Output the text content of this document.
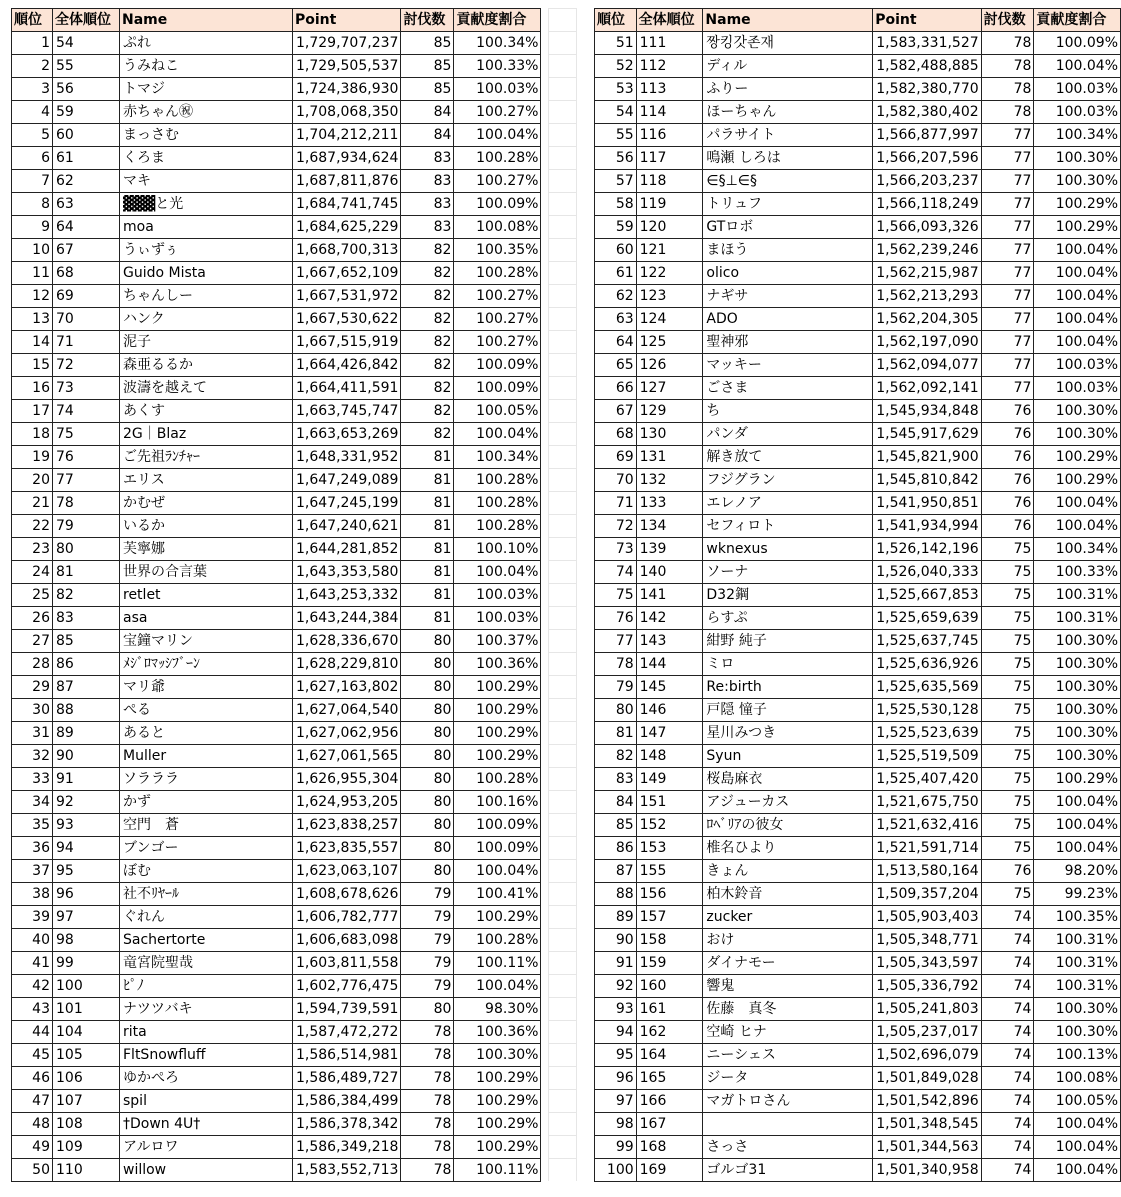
順位	全体順位	Name	Point	討伐数	貢献度割合
1	54	ぷれ	1,729,707,237	85	100.34%
2	55	うみねこ	1,729,505,537	85	100.33%
3	56	トマジ	1,724,386,930	85	100.03%
4	59	赤ちゃん㊗	1,708,068,350	84	100.27%
5	60	まっさむ	1,704,212,211	84	100.04%
6	61	くろま	1,687,934,624	83	100.28%
7	62	マキ	1,687,811,876	83	100.27%
8	63	▓▓▓と光	1,684,741,745	83	100.09%
9	64	moa	1,684,625,229	83	100.08%
10	67	うぃずぅ	1,668,700,313	82	100.35%
11	68	Guido Mista	1,667,652,109	82	100.28%
12	69	ちゃんしー	1,667,531,972	82	100.27%
13	70	ハンク	1,667,530,622	82	100.27%
14	71	泥子	1,667,515,919	82	100.27%
15	72	森亜るるか	1,664,426,842	82	100.09%
16	73	波濤を越えて	1,664,411,591	82	100.09%
17	74	あくす	1,663,745,747	82	100.05%
18	75	2G｜Blaz	1,663,653,269	82	100.04%
19	76	ご先祖ﾗﾝﾁｬｰ	1,648,331,952	81	100.34%
20	77	エリス	1,647,249,089	81	100.28%
21	78	かむぜ	1,647,245,199	81	100.28%
22	79	いるか	1,647,240,621	81	100.28%
23	80	芙寧娜	1,644,281,852	81	100.10%
24	81	世界の合言葉	1,643,353,580	81	100.04%
25	82	retlet	1,643,253,332	81	100.03%
26	83	asa	1,643,244,384	81	100.03%
27	85	宝鐘マリン	1,628,336,670	80	100.37%
28	86	ﾒｼﾞﾛﾏｯｼﾌﾞｰﾝ	1,628,229,810	80	100.36%
29	87	マリ爺	1,627,163,802	80	100.29%
30	88	ぺる	1,627,064,540	80	100.29%
31	89	あると	1,627,062,956	80	100.29%
32	90	Muller	1,627,061,565	80	100.29%
33	91	ソラララ	1,626,955,304	80	100.28%
34	92	かず	1,624,953,205	80	100.16%
35	93	空門　蒼	1,623,838,257	80	100.09%
36	94	ブンゴー	1,623,835,557	80	100.09%
37	95	ぼむ	1,623,063,107	80	100.04%
38	96	社不ﾘﾔｰﾙ	1,608,678,626	79	100.41%
39	97	ぐれん	1,606,782,777	79	100.29%
40	98	Sachertorte	1,606,683,098	79	100.28%
41	99	竜宮院聖哉	1,603,811,558	79	100.11%
42	100	ﾋﾟﾉ	1,602,776,475	79	100.04%
43	101	ナツツバキ	1,594,739,591	80	98.30%
44	104	rita	1,587,472,272	78	100.36%
45	105	FltSnowfluff	1,586,514,981	78	100.30%
46	106	ゆかぺろ	1,586,489,727	78	100.29%
47	107	spil	1,586,384,499	78	100.29%
48	108	†Down 4U†	1,586,378,342	78	100.29%
49	109	アルロワ	1,586,349,218	78	100.29%
50	110	willow	1,583,552,713	78	100.11%
順位	全体順位	Name	Point	討伐数	貢献度割合
51	111	짱킹갓존재	1,583,331,527	78	100.09%
52	112	ディル	1,582,488,885	78	100.04%
53	113	ふりー	1,582,380,770	78	100.03%
54	114	ほーちゃん	1,582,380,402	78	100.03%
55	116	パラサイト	1,566,877,997	77	100.34%
56	117	鳴瀬 しろは	1,566,207,596	77	100.30%
57	118	∈§⊥∈§	1,566,203,237	77	100.30%
58	119	トリュフ	1,566,118,249	77	100.29%
59	120	GTロボ	1,566,093,326	77	100.29%
60	121	まほう	1,562,239,246	77	100.04%
61	122	olico	1,562,215,987	77	100.04%
62	123	ナギサ	1,562,213,293	77	100.04%
63	124	ADO	1,562,204,305	77	100.04%
64	125	聖神邪	1,562,197,090	77	100.04%
65	126	マッキー	1,562,094,077	77	100.03%
66	127	ごさま	1,562,092,141	77	100.03%
67	129	ち	1,545,934,848	76	100.30%
68	130	パンダ	1,545,917,629	76	100.30%
69	131	解き放て	1,545,821,900	76	100.29%
70	132	フジグラン	1,545,810,842	76	100.29%
71	133	エレノア	1,541,950,851	76	100.04%
72	134	セフィロト	1,541,934,994	76	100.04%
73	139	wknexus	1,526,142,196	75	100.34%
74	140	ソーナ	1,526,040,333	75	100.33%
75	141	D32鋼	1,525,667,853	75	100.31%
76	142	らすぷ	1,525,659,639	75	100.31%
77	143	紺野 純子	1,525,637,745	75	100.30%
78	144	ミロ	1,525,636,926	75	100.30%
79	145	Re:birth	1,525,635,569	75	100.30%
80	146	戸隠 憧子	1,525,530,128	75	100.30%
81	147	星川みつき	1,525,523,639	75	100.30%
82	148	Syun	1,525,519,509	75	100.30%
83	149	桜島麻衣	1,525,407,420	75	100.29%
84	151	アジューカス	1,521,675,750	75	100.04%
85	152	ﾛﾍﾞﾘｱの彼女	1,521,632,416	75	100.04%
86	153	椎名ひより	1,521,591,714	75	100.04%
87	155	きょん	1,513,580,164	76	98.20%
88	156	柏木鈴音	1,509,357,204	75	99.23%
89	157	zucker	1,505,903,403	74	100.35%
90	158	おけ	1,505,348,771	74	100.31%
91	159	ダイナモー	1,505,343,597	74	100.31%
92	160	響鬼	1,505,336,792	74	100.31%
93	161	佐藤　真冬	1,505,241,803	74	100.30%
94	162	空崎 ヒナ	1,505,237,017	74	100.30%
95	164	ニーシェス	1,502,696,079	74	100.13%
96	165	ジータ	1,501,849,028	74	100.08%
97	166	マガトロさん	1,501,542,896	74	100.05%
98	167		1,501,348,545	74	100.04%
99	168	さっさ	1,501,344,563	74	100.04%
100	169	ゴルゴ31	1,501,340,958	74	100.04%
